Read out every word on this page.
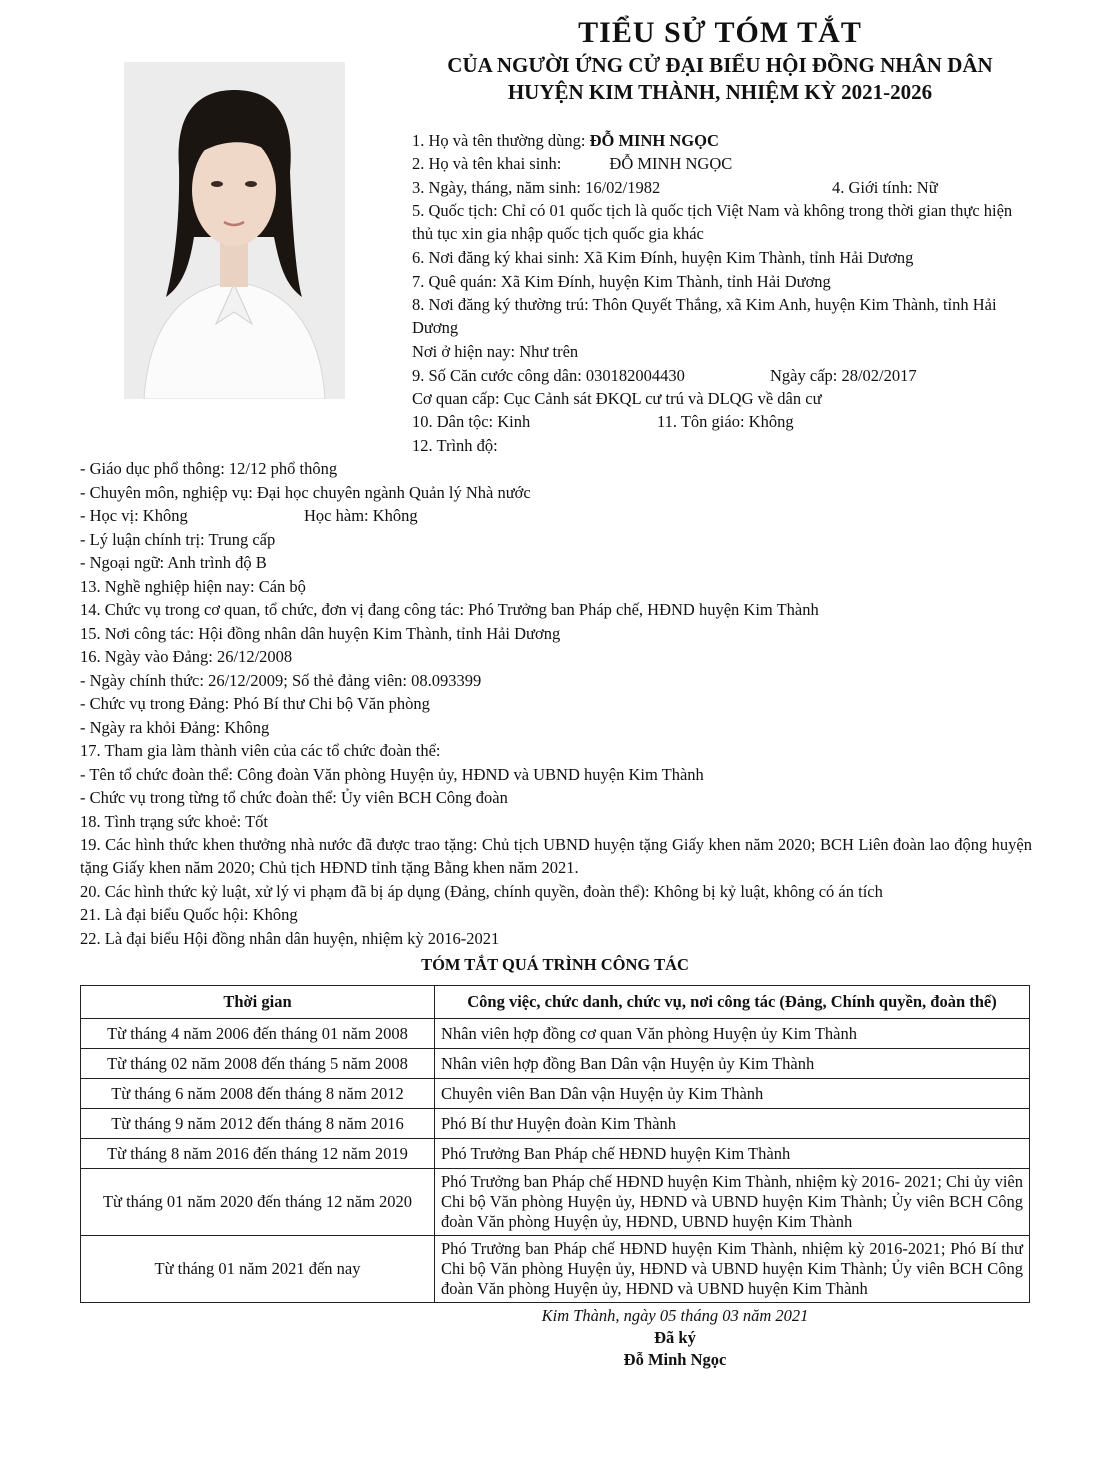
TIỂU SỬ TÓM TẮT
CỦA NGƯỜI ỨNG CỬ ĐẠI BIỂU HỘI ĐỒNG NHÂN DÂN
HUYỆN KIM THÀNH, NHIỆM KỲ 2021-2026
1. Họ và tên thường dùng: ĐỖ MINH NGỌC
2. Họ và tên khai sinh:	ĐỖ MINH NGỌC
3. Ngày, tháng, năm sinh: 16/02/1982	4. Giới tính: Nữ
5. Quốc tịch: Chỉ có 01 quốc tịch là quốc tịch Việt Nam và không trong thời gian thực hiện thủ tục xin gia nhập quốc tịch quốc gia khác
6. Nơi đăng ký khai sinh: Xã Kim Đính, huyện Kim Thành, tỉnh Hải Dương
7. Quê quán: Xã Kim Đính, huyện Kim Thành, tỉnh Hải Dương
8. Nơi đăng ký thường trú: Thôn Quyết Thắng, xã Kim Anh, huyện Kim Thành, tỉnh Hải Dương
Nơi ở hiện nay: Như trên
9. Số Căn cước công dân: 030182004430	Ngày cấp: 28/02/2017
Cơ quan cấp: Cục Cảnh sát ĐKQL cư trú và DLQG về dân cư
10. Dân tộc: Kinh	11. Tôn giáo: Không
12. Trình độ:
- Giáo dục phổ thông: 12/12 phổ thông
- Chuyên môn, nghiệp vụ: Đại học chuyên ngành Quản lý Nhà nước
- Học vị: Không	Học hàm: Không
- Lý luận chính trị: Trung cấp
- Ngoại ngữ: Anh trình độ B
13. Nghề nghiệp hiện nay: Cán bộ
14. Chức vụ trong cơ quan, tổ chức, đơn vị đang công tác: Phó Trưởng ban Pháp chế, HĐND huyện Kim Thành
15. Nơi công tác: Hội đồng nhân dân huyện Kim Thành, tỉnh Hải Dương
16. Ngày vào Đảng: 26/12/2008
- Ngày chính thức: 26/12/2009; Số thẻ đảng viên: 08.093399
- Chức vụ trong Đảng: Phó Bí thư Chi bộ Văn phòng
- Ngày ra khỏi Đảng: Không
17. Tham gia làm thành viên của các tổ chức đoàn thể:
- Tên tổ chức đoàn thể: Công đoàn Văn phòng Huyện ủy, HĐND và UBND huyện Kim Thành
- Chức vụ trong từng tổ chức đoàn thể: Ủy viên BCH Công đoàn
18. Tình trạng sức khoẻ: Tốt
19. Các hình thức khen thưởng nhà nước đã được trao tặng: Chủ tịch UBND huyện tặng Giấy khen năm 2020; BCH Liên đoàn lao động huyện tặng Giấy khen năm 2020; Chủ tịch HĐND tỉnh tặng Bằng khen năm 2021.
20. Các hình thức kỷ luật, xử lý vi phạm đã bị áp dụng (Đảng, chính quyền, đoàn thể): Không bị kỷ luật, không có án tích
21. Là đại biểu Quốc hội: Không
22. Là đại biểu Hội đồng nhân dân huyện, nhiệm kỳ 2016-2021
TÓM TẮT QUÁ TRÌNH CÔNG TÁC
Thời gian	Công việc, chức danh, chức vụ, nơi công tác (Đảng, Chính quyền, đoàn thể)
Từ tháng 4 năm 2006 đến tháng 01 năm 2008	Nhân viên hợp đồng cơ quan Văn phòng Huyện ủy Kim Thành
Từ tháng 02 năm 2008 đến tháng 5 năm 2008	Nhân viên hợp đồng Ban Dân vận Huyện ủy Kim Thành
Từ tháng 6 năm 2008 đến tháng 8 năm 2012	Chuyên viên Ban Dân vận Huyện ủy Kim Thành
Từ tháng 9 năm 2012 đến tháng 8 năm 2016	Phó Bí thư Huyện đoàn Kim Thành
Từ tháng 8 năm 2016 đến tháng 12 năm 2019	Phó Trưởng Ban Pháp chế HĐND huyện Kim Thành
Từ tháng 01 năm 2020 đến tháng 12 năm 2020	Phó Trưởng ban Pháp chế HĐND huyện Kim Thành, nhiệm kỳ 2016- 2021; Chi ủy viên Chi bộ Văn phòng Huyện ủy, HĐND và UBND huyện Kim Thành; Ủy viên BCH Công đoàn Văn phòng Huyện ủy, HĐND, UBND huyện Kim Thành
Từ tháng 01 năm 2021 đến nay	Phó Trưởng ban Pháp chế HĐND huyện Kim Thành, nhiệm kỳ 2016-2021; Phó Bí thư Chi bộ Văn phòng Huyện ủy, HĐND và UBND huyện Kim Thành; Ủy viên BCH Công đoàn Văn phòng Huyện ủy, HĐND và UBND huyện Kim Thành
Kim Thành, ngày 05 tháng 03 năm 2021
Đã ký
Đỗ Minh Ngọc
